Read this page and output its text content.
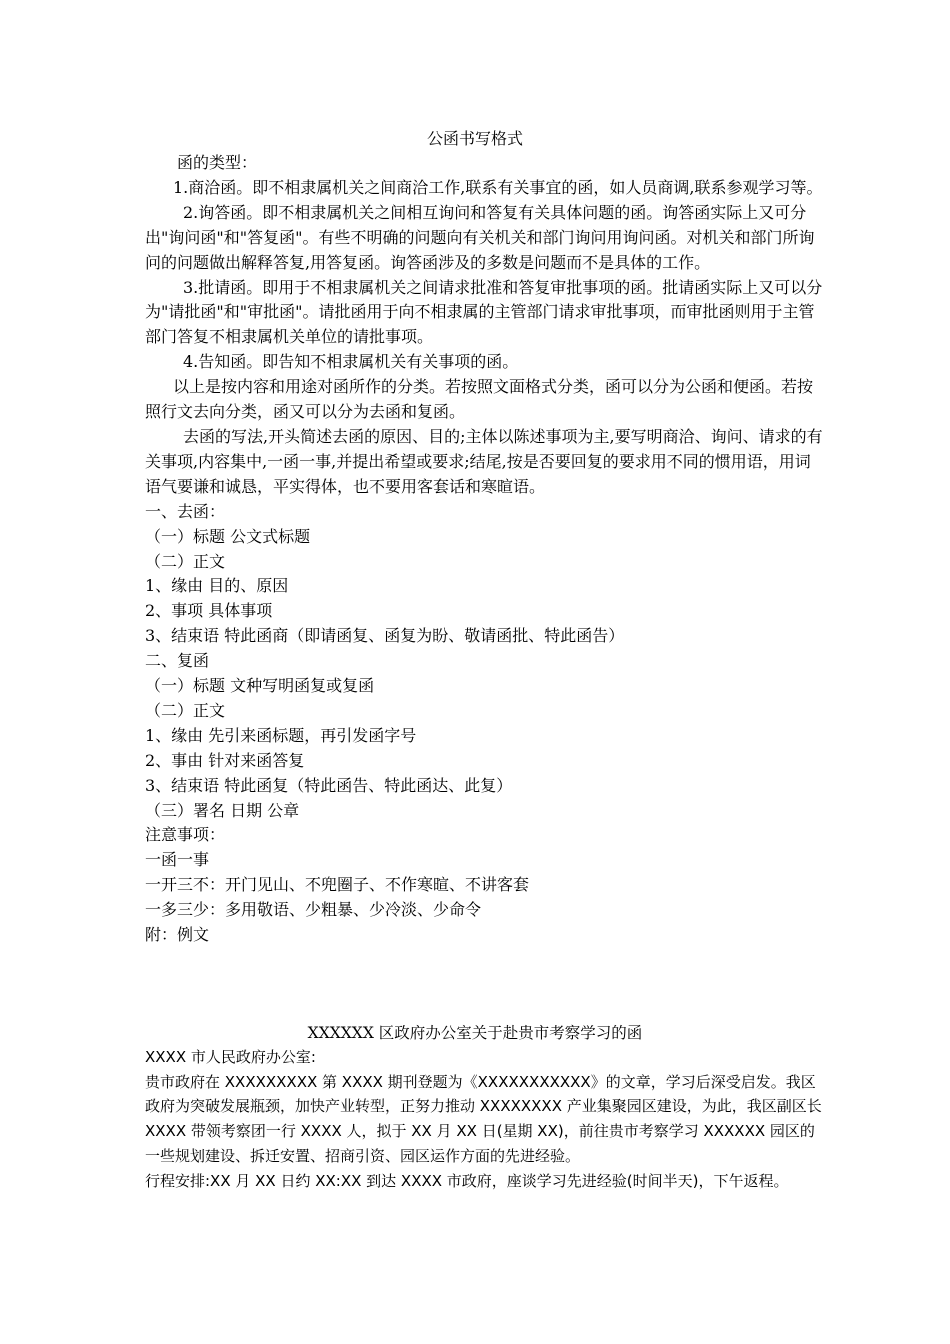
公函书写格式

函的类型：

1.商洽函。即不相隶属机关之间商洽工作,联系有关事宜的函，如人员商调,联系参观学习等。

2.询答函。即不相隶属机关之间相互询问和答复有关具体问题的函。询答函实际上又可分出"询问函"和"答复函"。有些不明确的问题向有关机关和部门询问用询问函。对机关和部门所询问的问题做出解释答复,用答复函。询答函涉及的多数是问题而不是具体的工作。

3.批请函。即用于不相隶属机关之间请求批准和答复审批事项的函。批请函实际上又可以分为"请批函"和"审批函"。请批函用于向不相隶属的主管部门请求审批事项，而审批函则用于主管部门答复不相隶属机关单位的请批事项。

4.告知函。即告知不相隶属机关有关事项的函。

以上是按内容和用途对函所作的分类。若按照文面格式分类，函可以分为公函和便函。若按照行文去向分类，函又可以分为去函和复函。

去函的写法,开头简述去函的原因、目的;主体以陈述事项为主,要写明商洽、询问、请求的有关事项,内容集中,一函一事,并提出希望或要求;结尾,按是否要回复的要求用不同的惯用语，用词语气要谦和诚恳，平实得体，也不要用客套话和寒暄语。

一、去函：

（一）标题 公文式标题

（二）正文

1、缘由 目的、原因

2、事项 具体事项

3、结束语 特此函商（即请函复、函复为盼、敬请函批、特此函告）

二、复函

（一）标题 文种写明函复或复函

（二）正文

1、缘由 先引来函标题，再引发函字号

2、事由 针对来函答复

3、结束语 特此函复（特此函告、特此函达、此复）

（三）署名 日期 公章

注意事项：

一函一事

一开三不：开门见山、不兜圈子、不作寒暄、不讲客套

一多三少：多用敬语、少粗暴、少冷淡、少命令

附：例文

XXXXXX 区政府办公室关于赴贵市考察学习的函

XXXX 市人民政府办公室:

贵市政府在 XXXXXXXXX 第 XXXX 期刊登题为《XXXXXXXXXXX》的文章，学习后深受启发。我区政府为突破发展瓶颈，加快产业转型，正努力推动 XXXXXXXX 产业集聚园区建设，为此，我区副区长 XXXX 带领考察团一行 XXXX 人，拟于 XX 月 XX 日(星期 XX)，前往贵市考察学习 XXXXXX 园区的一些规划建设、拆迁安置、招商引资、园区运作方面的先进经验。

行程安排:XX 月 XX 日约 XX:XX 到达 XXXX 市政府，座谈学习先进经验(时间半天)，下午返程。
